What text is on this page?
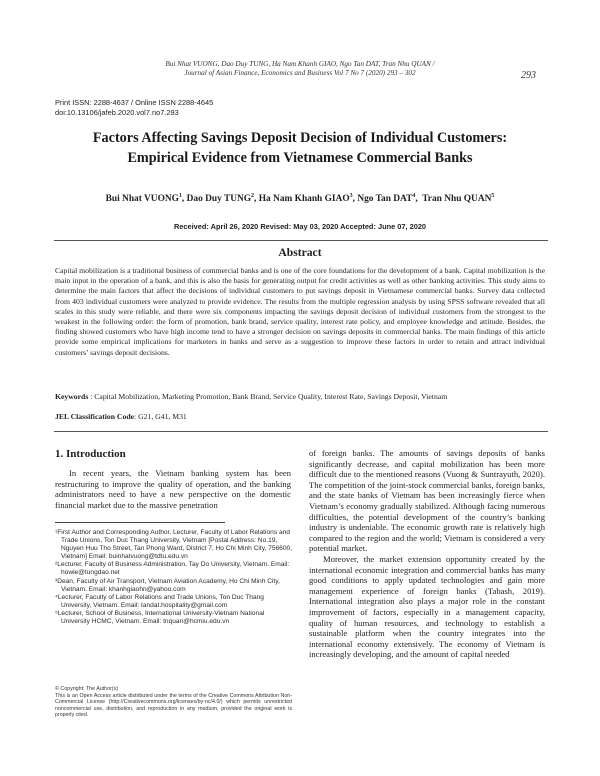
Bui Nhat VUONG, Dao Duy TUNG, Ha Nam Khanh GIAO, Ngo Tan DAT, Tran Nhu QUAN /
Journal of Asian Finance, Economics and Business Vol 7 No 7 (2020) 293 – 302	293
Print ISSN: 2288-4637 / Online ISSN 2288-4645
doi:10.13106/jafeb.2020.vol7.no7.293
Factors Affecting Savings Deposit Decision of Individual Customers:
Empirical Evidence from Vietnamese Commercial Banks
Bui Nhat VUONG$^1$, Dao Duy TUNG$^2$, Ha Nam Khanh GIAO$^3$, Ngo Tan DAT$^4$,  Tran Nhu QUAN$^5$
Received: April 26, 2020 Revised: May 03, 2020 Accepted: June 07, 2020
Abstract
Capital mobilization is a traditional business of commercial banks and is one of the core foundations for the development of a bank. Capital mobilization is the main input in the operation of a bank, and this is also the basis for generating output for credit activities as well as other banking activities. This study aims to determine the main factors that affect the decisions of individual customers to put savings deposit in Vietnamese commercial banks. Survey data collected from 403 individual customers were analyzed to provide evidence. The results from the multiple regression analysis by using SPSS software revealed that all scales in this study were reliable, and there were six components impacting the savings deposit decision of individual customers from the strongest to the weakest in the following order: the form of promotion, bank brand, service quality, interest rate policy, and employee knowledge and attitude. Besides, the finding showed customers who have high income tend to have a stronger decision on savings deposits in commercial banks. The main findings of this article provide some empirical implications for marketers in banks and serve as a suggestion to improve these factors in order to retain and attract individual customers’ savings deposit decisions.
Keywords : Capital Mobilization, Marketing Promotion, Bank Brand, Service Quality, Interest Rate, Savings Deposit, Vietnam
JEL Classification Code: G21, G41, M31
1. Introduction

In recent years, the Vietnam banking system has been restructuring to improve the quality of operation, and the banking administrators need to have a new perspective on the domestic financial market due to the massive penetration

¹First Author and Corresponding Author. Lecturer, Faculty of Labor Relations and Trade Unions, Ton Duc Thang University, Vietnam [Postal Address: No.19, Nguyen Huu Tho Street, Tan Phong Ward, District 7, Ho Chi Minh City, 756600, Vietnam] Email: buinhatvuong@tdtu.edu.vn
²Lecturer, Faculty of Business Administration, Tay Do University, Vietnam. Email: howie@tungdao.net
³Dean, Faculty of Air Transport, Vietnam Aviation Academy, Ho Chi Minh City, Vietnam. Email: khanhgiaohn@yahoo.com
⁴Lecturer, Faculty of Labor Relations and Trade Unions, Ton Duc Thang University, Vietnam. Email: tandat.hospitality@gmail.com
⁵Lecturer, School of Business, International University-Vietnam National University HCMC, Vietnam. Email: tnquan@hcmiu.edu.vn
© Copyright: The Author(s)
This is an Open Access article distributed under the terms of the Creative Commons Attribution Non-Commercial License (http://Creativecommons.org/licenses/by-nc/4.0/) which permits unrestricted noncommercial use, distribution, and reproduction in any medium, provided the original work is properly cited.

of foreign banks. The amounts of savings deposits of banks significantly decrease, and capital mobilization has been more difficult due to the mentioned reasons (Vuong & Suntrayuth, 2020). The competition of the joint-stock commercial banks, foreign banks, and the state banks of Vietnam has been increasingly fierce when Vietnam’s economy gradually stabilized. Although facing numerous difficulties, the potential development of the country’s banking industry is undeniable. The economic growth rate is relatively high compared to the region and the world; Vietnam is considered a very potential market.

Moreover, the market extension opportunity created by the international economic integration and commercial banks has many good conditions to apply updated technologies and gain more management experience of foreign banks (Tabash, 2019). International integration also plays a major role in the constant improvement of factors, especially in a management capacity, quality of human resources, and technology to establish a sustainable platform when the country integrates into the international economy extensively. The economy of Vietnam is increasingly developing, and the amount of capital needed
